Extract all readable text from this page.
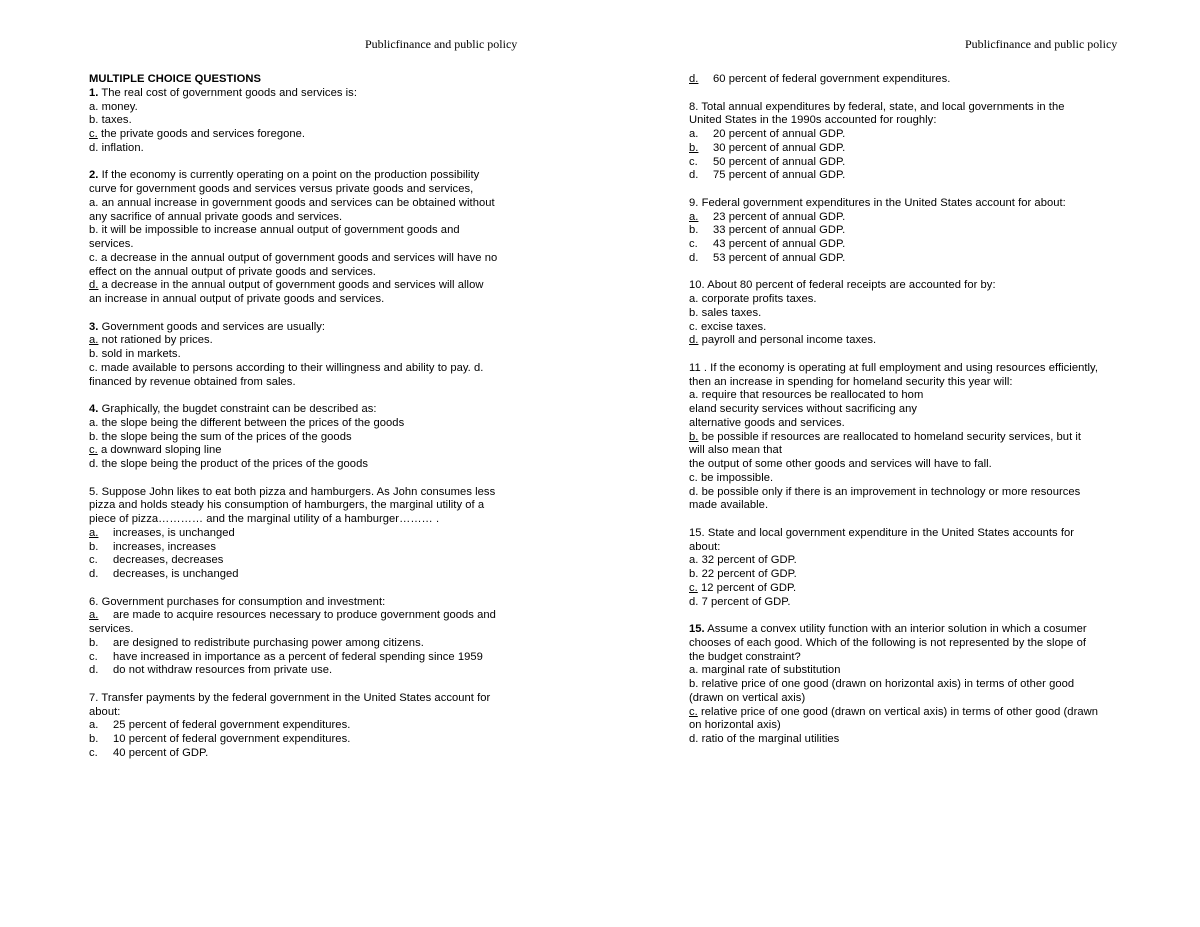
Publicfinance and public policy	Publicfinance and public policy
MULTIPLE CHOICE QUESTIONS
1. The real cost of government goods and services is:
a. money.
b. taxes.
c. the private goods and services foregone.
d. inflation.
2. If the economy is currently operating on a point on the production possibility
curve for government goods and services versus private goods and services,
a. an annual increase in government goods and services can be obtained without
any sacrifice of annual private goods and services.
b. it will be impossible to increase annual output of government goods and
services.
c. a decrease in the annual output of government goods and services will have no
effect on the annual output of private goods and services.
d. a decrease in the annual output of government goods and services will allow
an increase in annual output of private goods and services.
3. Government goods and services are usually:
a. not rationed by prices.
b. sold in markets.
c. made available to persons according to their willingness and ability to pay. d.
financed by revenue obtained from sales.
4. Graphically, the bugdet constraint can be described as:
a. the slope being the different between the prices of the goods
b. the slope being the sum of the prices of the goods
c. a downward sloping line
d. the slope being the product of the prices of the goods
5. Suppose John likes to eat both pizza and hamburgers. As John consumes less
pizza and holds steady his consumption of hamburgers, the marginal utility of a
piece of pizza………… and the marginal utility of a hamburger……… .
a.	increases, is unchanged
b.	increases, increases
c.	decreases, decreases
d.	decreases, is unchanged
6. Government purchases for consumption and investment:
a.	are made to acquire resources necessary to produce government goods and
services.
b.	are designed to redistribute purchasing power among citizens.
c.	have increased in importance as a percent of federal spending since 1959
d.	do not withdraw resources from private use.
7. Transfer payments by the federal government in the United States account for
about:
a.	25 percent of federal government expenditures.
b.	10 percent of federal government expenditures.
c.	40 percent of GDP.
d.	60 percent of federal government expenditures.
8. Total annual expenditures by federal, state, and local governments in the
United States in the 1990s accounted for roughly:
a.	20 percent of annual GDP.
b.	30 percent of annual GDP.
c.	50 percent of annual GDP.
d.	75 percent of annual GDP.
9. Federal government expenditures in the United States account for about:
a.	23 percent of annual GDP.
b.	33 percent of annual GDP.
c.	43 percent of annual GDP.
d.	53 percent of annual GDP.
10. About 80 percent of federal receipts are accounted for by:
a. corporate profits taxes.
b. sales taxes.
c. excise taxes.
d. payroll and personal income taxes.
11 . If the economy is operating at full employment and using resources efficiently,
then an increase in spending for homeland security this year will:
a. require that resources be reallocated to hom
eland security services without sacrificing any
alternative goods and services.
b. be possible if resources are reallocated to homeland security services, but it
will also mean that
the output of some other goods and services will have to fall.
c. be impossible.
d. be possible only if there is an improvement in technology or more resources
made available.
15. State and local government expenditure in the United States accounts for
about:
a. 32 percent of GDP.
b. 22 percent of GDP.
c. 12 percent of GDP.
d. 7 percent of GDP.
15. Assume a convex utility function with an interior solution in which a cosumer
chooses of each good. Which of the following is not represented by the slope of
the budget constraint?
a. marginal rate of substitution
b. relative price of one good (drawn on horizontal axis) in terms of other good
(drawn on vertical axis)
c. relative price of one good (drawn on vertical axis) in terms of other good (drawn
on horizontal axis)
d. ratio of the marginal utilities
